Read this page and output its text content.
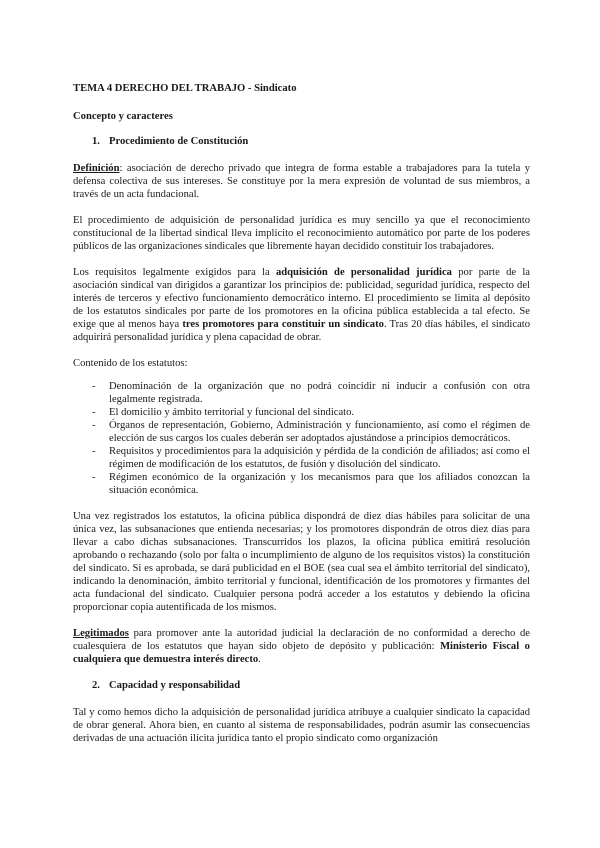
TEMA 4 DERECHO DEL TRABAJO - Sindicato

Concepto y caracteres

1. Procedimiento de Constitución

Definición: asociación de derecho privado que integra de forma estable a trabajadores para la tutela y defensa colectiva de sus intereses. Se constituye por la mera expresión de voluntad de sus miembros, a través de un acta fundacional.

El procedimiento de adquisición de personalidad jurídica es muy sencillo ya que el reconocimiento constitucional de la libertad sindical lleva implícito el reconocimiento automático por parte de los poderes públicos de las organizaciones sindicales que libremente hayan decidido constituir los trabajadores.

Los requisitos legalmente exigidos para la adquisición de personalidad jurídica por parte de la asociación sindical van dirigidos a garantizar los principios de: publicidad, seguridad jurídica, respecto del interés de terceros y efectivo funcionamiento democrático interno. El procedimiento se limita al depósito de los estatutos sindicales por parte de los promotores en la oficina pública establecida a tal efecto. Se exige que al menos haya tres promotores para constituir un sindicato. Tras 20 días hábiles, el sindicato adquirirá personalidad jurídica y plena capacidad de obrar.

Contenido de los estatutos:

-	Denominación de la organización que no podrá coincidir ni inducir a confusión con otra legalmente registrada.
-	El domicilio y ámbito territorial y funcional del sindicato.
-	Órganos de representación, Gobierno, Administración y funcionamiento, así como el régimen de elección de sus cargos los cuales deberán ser adoptados ajustándose a principios democráticos.
-	Requisitos y procedimientos para la adquisición y pérdida de la condición de afiliados; así como el régimen de modificación de los estatutos, de fusión y disolución del sindicato.
-	Régimen económico de la organización y los mecanismos para que los afiliados conozcan la situación económica.

Una vez registrados los estatutos, la oficina pública dispondrá de diez días hábiles para solicitar de una única vez, las subsanaciones que entienda necesarias; y los promotores dispondrán de otros diez días para llevar a cabo dichas subsanaciones. Transcurridos los plazos, la oficina pública emitirá resolución aprobando o rechazando (solo por falta o incumplimiento de alguno de los requisitos vistos) la constitución del sindicato. Si es aprobada, se dará publicidad en el BOE (sea cual sea el ámbito territorial del sindicato), indicando la denominación, ámbito territorial y funcional, identificación de los promotores y firmantes del acta fundacional del sindicato. Cualquier persona podrá acceder a los estatutos y debiendo la oficina proporcionar copia autentificada de los mismos.

Legitimados para promover ante la autoridad judicial la declaración de no conformidad a derecho de cualesquiera de los estatutos que hayan sido objeto de depósito y publicación: Ministerio Fiscal o cualquiera que demuestra interés directo.

2. Capacidad y responsabilidad

Tal y como hemos dicho la adquisición de personalidad jurídica atribuye a cualquier sindicato la capacidad de obrar general. Ahora bien, en cuanto al sistema de responsabilidades, podrán asumir las consecuencias derivadas de una actuación ilícita jurídica tanto el propio sindicato como organización
